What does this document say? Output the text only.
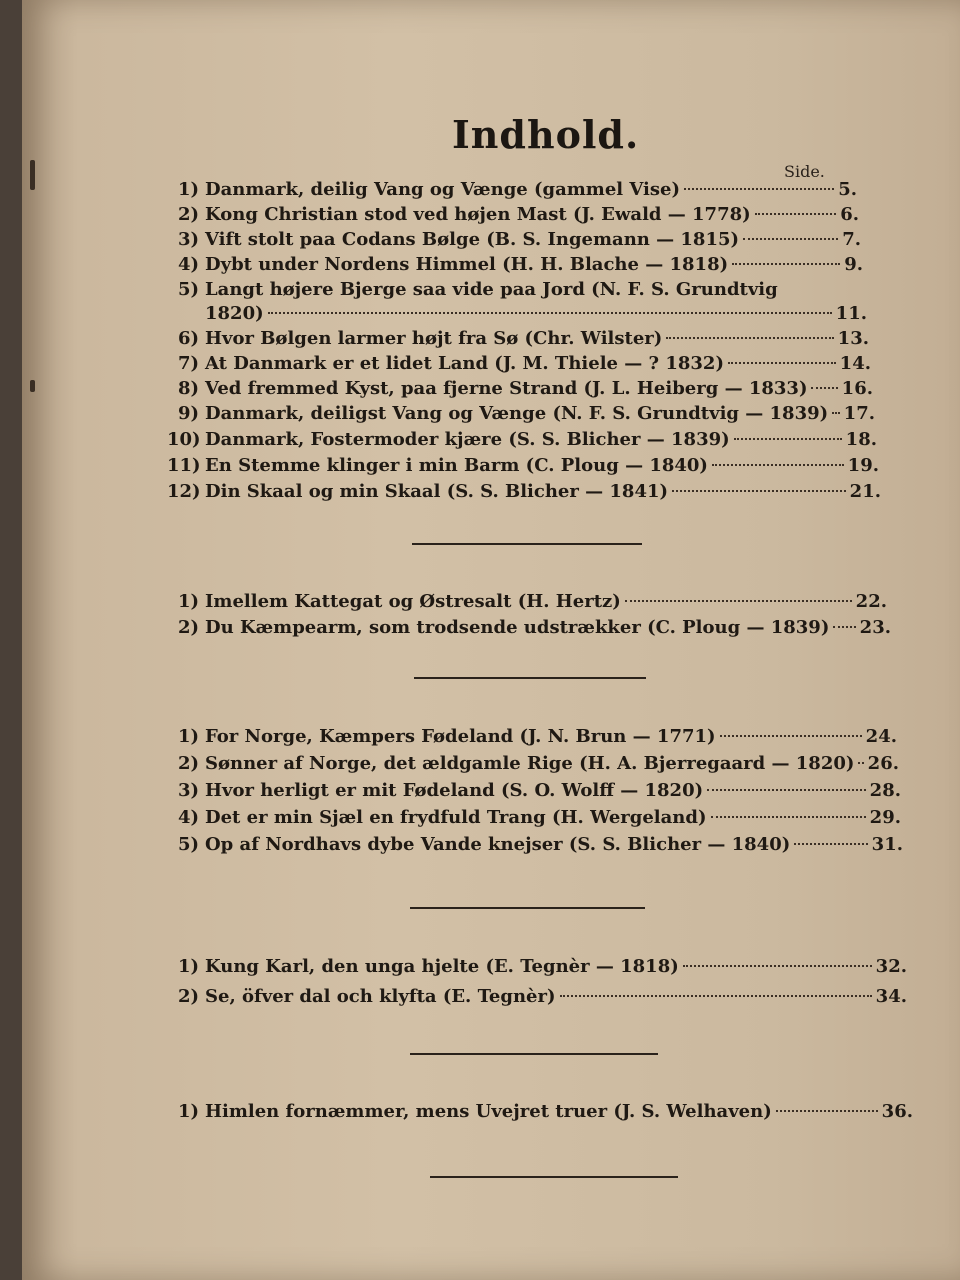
Indhold.
Side.
1) Danmark, deilig Vang og Vænge (gammel Vise)	5.
2) Kong Christian stod ved højen Mast (J. Ewald — 1778)	6.
3) Vift stolt paa Codans Bølge (B. S. Ingemann — 1815)	7.
4) Dybt under Nordens Himmel (H. H. Blache — 1818)	9.
5) Langt højere Bjerge saa vide paa Jord (N. F. S. Grundtvig
1820)	11.
6) Hvor Bølgen larmer højt fra Sø (Chr. Wilster)	13.
7) At Danmark er et lidet Land (J. M. Thiele — ? 1832)	14.
8) Ved fremmed Kyst, paa fjerne Strand (J. L. Heiberg — 1833) 16.
9) Danmark, deiligst Vang og Vænge (N. F. S. Grundtvig — 1839) 17.
10) Danmark, Fostermoder kjære (S. S. Blicher — 1839)	18.
11) En Stemme klinger i min Barm (C. Ploug — 1840)	19.
12) Din Skaal og min Skaal (S. S. Blicher — 1841)	21.
1) Imellem Kattegat og Østresalt (H. Hertz)	22.
2) Du Kæmpearm, som trodsende udstrækker (C. Ploug — 1839) 23.
1) For Norge, Kæmpers Fødeland (J. N. Brun — 1771)	24.
2) Sønner af Norge, det ældgamle Rige (H. A. Bjerregaard — 1820) 26.
3) Hvor herligt er mit Fødeland (S. O. Wolff — 1820)	28.
4) Det er min Sjæl en frydfuld Trang (H. Wergeland)	29.
5) Op af Nordhavs dybe Vande knejser (S. S. Blicher — 1840)	31.
1) Kung Karl, den unga hjelte (E. Tegnèr — 1818)	32.
2) Se, öfver dal och klyfta (E. Tegnèr)	34.
1) Himlen fornæmmer, mens Uvejret truer (J. S. Welhaven)	36.
